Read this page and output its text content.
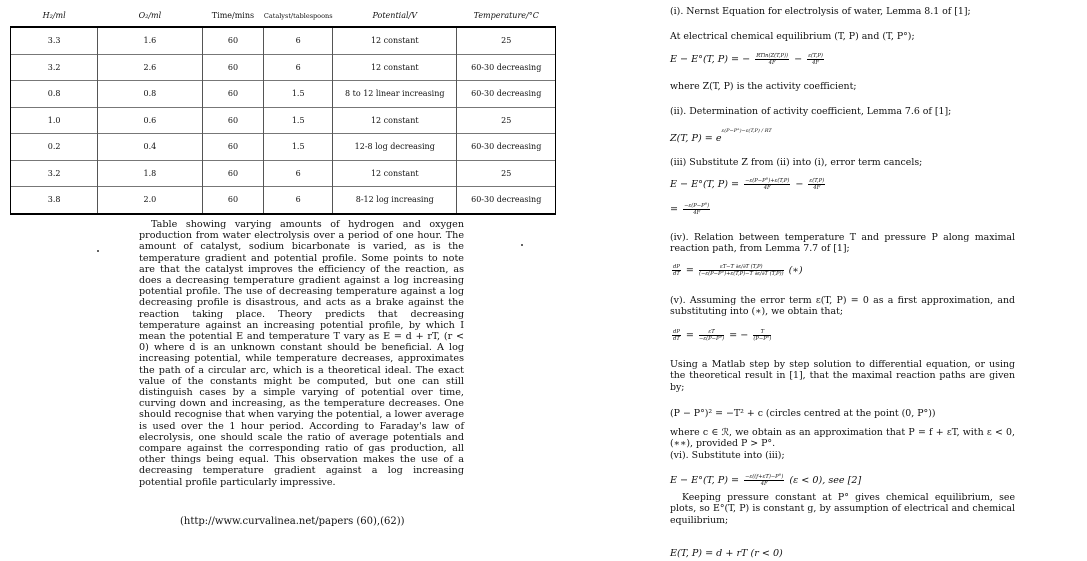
H₂/ml	O₂/ml	Time/mins	Catalyst/tablespoons	Potential/V	Temperature/°C
3.3	1.6	60	6	12 constant	25
3.2	2.6	60	6	12 constant	60-30 decreasing
0.8	0.8	60	1.5	8 to 12 linear increasing	60-30 decreasing
1.0	0.6	60	1.5	12 constant	25
0.2	0.4	60	1.5	12-8 log decreasing	60-30 decreasing
3.2	1.8	60	6	12 constant	25
3.8	2.0	60	6	8-12 log increasing	60-30 decreasing
Table showing varying amounts of hydrogen and oxygen production from water electrolysis over a period of one hour. The amount of catalyst, sodium bicarbonate is varied, as is the temperature gradient and potential profile. Some points to note are that the catalyst improves the efficiency of the reaction, as does a decreasing temperature gradient against a log increasing potential profile. The use of decreasing temperature against a log decreasing profile is disastrous, and acts as a brake against the reaction taking place. Theory predicts that decreasing temperature against an increasing potential profile, by which I mean the potential E and temperature T vary as E = d + rT, (r < 0) where d is an unknown constant should be beneficial. A log increasing potential, while temperature decreases, approximates the path of a circular arc, which is a theoretical ideal. The exact value of the constants might be computed, but one can still distinguish cases by a simple varying of potential over time, curving down and increasing, as the temperature decreases. One should recognise that when varying the potential, a lower average is used over the 1 hour period. According to Faraday's law of elecrolysis, one should scale the ratio of average potentials and compare against the corresponding ratio of gas production, all other things being equal. This observation makes the use of a decreasing temperature gradient against a log increasing potential profile particularly impressive.
(http://www.curvalinea.net/papers (60),(62))
(i). Nernst Equation for electrolysis of water, Lemma 8.1 of [1];
At electrical chemical equilibrium (T, P) and (T, P°);
E − E°(T, P) = − $\frac{RTln(Z(T,P))}{4F} - \frac{\varepsilon(T,P)}{4F}$
where Z(T, P) is the activity coefficient;
(ii). Determination of activity coefficient, Lemma 7.6 of [1];
Z(T, $P) = e^{\varepsilon(P-P^\circ)-\varepsilon(T,P) / RT}$
(iii) Substitute Z from (ii) into (i), error term cancels;
E − E°(T, $P) = \frac{-\varepsilon(P-P^\circ)+\varepsilon(T,P)}{4F} - \frac{\varepsilon(T,P)}{4F}$
= $\frac{-\varepsilon(P-P^\circ)}{4F}$
(iv). Relation between temperature T and pressure P along maximal reaction path, from Lemma 7.7 of [1];
$\frac{dP}{dT} = \frac{\varepsilon T-T \partial\varepsilon/\partial T (T,P)}{(-\varepsilon(P-P^\circ)+\varepsilon(T,P)-T \partial\varepsilon/\partial T (T,P))}$ (∗)
(v). Assuming the error term ε(T, P) = 0 as a first approximation, and substituting into (∗), we obtain that;
$\frac{dP}{dT} = \frac{\varepsilon T}{-\varepsilon(P-P^\circ)}$ = − $\frac{T}{(P-P^\circ)}$
Using a Matlab step by step solution to differential equation, or using the theoretical result in [1], that the maximal reaction paths are given by;
(P − P°)² = −T² + c (circles centred at the point (0, P°))
where c ∈ ℛ, we obtain as an approximation that P = f + εT, with ε < 0, (∗∗), provided P > P°.
(vi). Substitute into (iii);
E − E°(T, $P) = \frac{-\varepsilon((f+\varepsilon T)-P^\circ)}{4F} (\varepsilon < 0)$, see [2]
Keeping pressure constant at P° gives chemical equilibrium, see plots, so E°(T, P) is constant g, by assumption of electrical and chemical equilibrium;
E(T, P) = d + rT (r < 0)
